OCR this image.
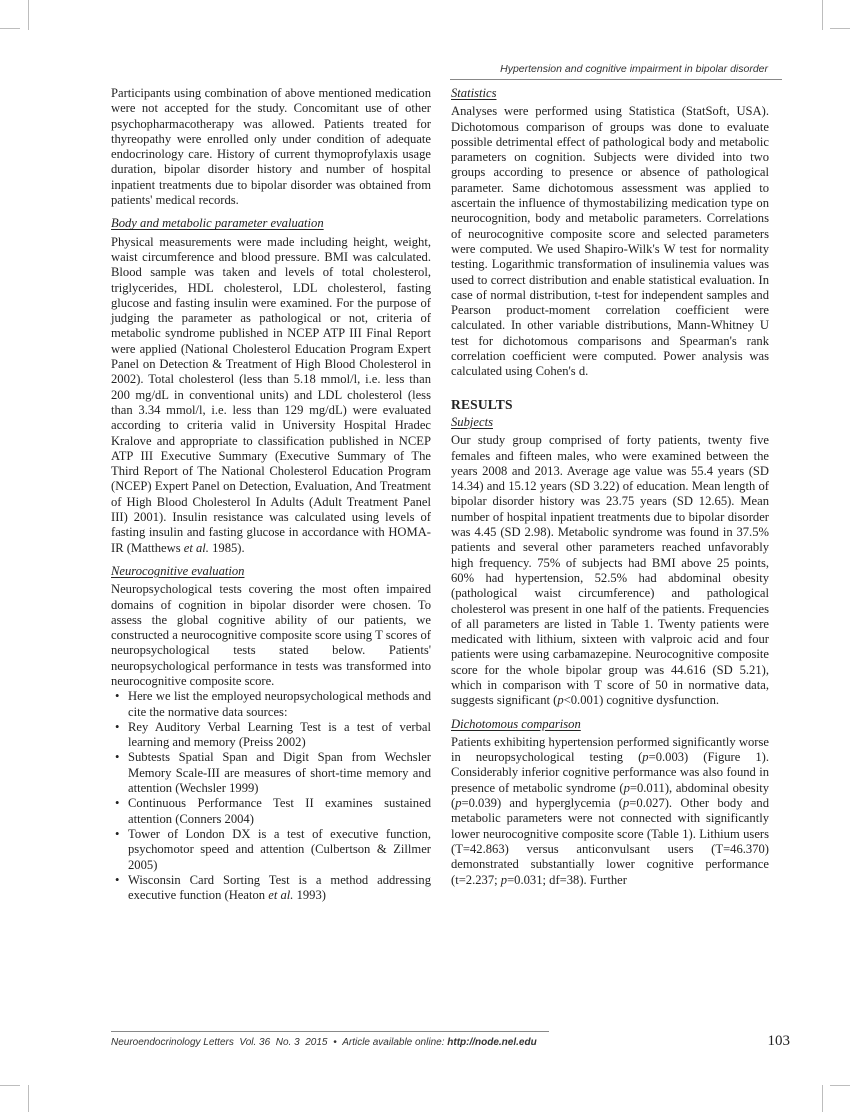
Hypertension and cognitive impairment in bipolar disorder

Participants using combination of above mentioned medication were not accepted for the study. Concomitant use of other psychopharmacotherapy was allowed. Patients treated for thyreopathy were enrolled only under condition of adequate endocrinology care. History of current thymoprofylaxis usage duration, bipolar disorder history and number of hospital inpatient treatments due to bipolar disorder was obtained from patients' medical records.

Body and metabolic parameter evaluation

Physical measurements were made including height, weight, waist circumference and blood pressure. BMI was calculated. Blood sample was taken and levels of total cholesterol, triglycerides, HDL cholesterol, LDL cholesterol, fasting glucose and fasting insulin were examined. For the purpose of judging the parameter as pathological or not, criteria of metabolic syndrome published in NCEP ATP III Final Report were applied (National Cholesterol Education Program Expert Panel on Detection & Treatment of High Blood Cholesterol in 2002). Total cholesterol (less than 5.18 mmol/l, i.e. less than 200 mg/dL in conventional units) and LDL cholesterol (less than 3.34 mmol/l, i.e. less than 129 mg/dL) were evaluated according to criteria valid in University Hospital Hradec Kralove and appropriate to classification published in NCEP ATP III Executive Summary (Executive Summary of The Third Report of The National Cholesterol Education Program (NCEP) Expert Panel on Detection, Evaluation, And Treatment of High Blood Cholesterol In Adults (Adult Treatment Panel III) 2001). Insulin resistance was calculated using levels of fasting insulin and fasting glucose in accordance with HOMA-IR (Matthews et al. 1985).

Neurocognitive evaluation

Neuropsychological tests covering the most often impaired domains of cognition in bipolar disorder were chosen. To assess the global cognitive ability of our patients, we constructed a neurocognitive composite score using T scores of neuropsychological tests stated below. Patients' neuropsychological performance in tests was transformed into neurocognitive composite score.

• Here we list the employed neuropsychological methods and cite the normative data sources:
• Rey Auditory Verbal Learning Test is a test of verbal learning and memory (Preiss 2002)
• Subtests Spatial Span and Digit Span from Wechsler Memory Scale-III are measures of short-time memory and attention (Wechsler 1999)
• Continuous Performance Test II examines sustained attention (Conners 2004)
• Tower of London DX is a test of executive function, psychomotor speed and attention (Culbertson & Zillmer 2005)
• Wisconsin Card Sorting Test is a method addressing executive function (Heaton et al. 1993)
Statistics

Analyses were performed using Statistica (StatSoft, USA). Dichotomous comparison of groups was done to evaluate possible detrimental effect of pathological body and metabolic parameters on cognition. Subjects were divided into two groups according to presence or absence of pathological parameter. Same dichotomous assessment was applied to ascertain the influence of thymostabilizing medication type on neurocognition, body and metabolic parameters. Correlations of neurocognitive composite score and selected parameters were computed. We used Shapiro-Wilk's W test for normality testing. Logarithmic transformation of insulinemia values was used to correct distribution and enable statistical evaluation. In case of normal distribution, t-test for independent samples and Pearson product-moment correlation coefficient were calculated. In other variable distributions, Mann-Whitney U test for dichotomous comparisons and Spearman's rank correlation coefficient were computed. Power analysis was calculated using Cohen's d.

RESULTS
Subjects

Our study group comprised of forty patients, twenty five females and fifteen males, who were examined between the years 2008 and 2013. Average age value was 55.4 years (SD 14.34) and 15.12 years (SD 3.22) of education. Mean length of bipolar disorder history was 23.75 years (SD 12.65). Mean number of hospital inpatient treatments due to bipolar disorder was 4.45 (SD 2.98). Metabolic syndrome was found in 37.5% patients and several other parameters reached unfavorably high frequency. 75% of subjects had BMI above 25 points, 60% had hypertension, 52.5% had abdominal obesity (pathological waist circumference) and pathological cholesterol was present in one half of the patients. Frequencies of all parameters are listed in Table 1. Twenty patients were medicated with lithium, sixteen with valproic acid and four patients were using carbamazepine. Neurocognitive composite score for the whole bipolar group was 44.616 (SD 5.21), which in comparison with T score of 50 in normative data, suggests significant (p<0.001) cognitive dysfunction.

Dichotomous comparison

Patients exhibiting hypertension performed significantly worse in neuropsychological testing (p=0.003) (Figure 1). Considerably inferior cognitive performance was also found in presence of metabolic syndrome (p=0.011), abdominal obesity (p=0.039) and hyperglycemia (p=0.027). Other body and metabolic parameters were not connected with significantly lower neurocognitive composite score (Table 1). Lithium users (T=42.863) versus anticonvulsant users (T=46.370) demonstrated substantially lower cognitive performance (t=2.237; p=0.031; df=38). Further

Neuroendocrinology Letters Vol. 36 No. 3 2015 • Article available online: http://node.nel.edu	103
